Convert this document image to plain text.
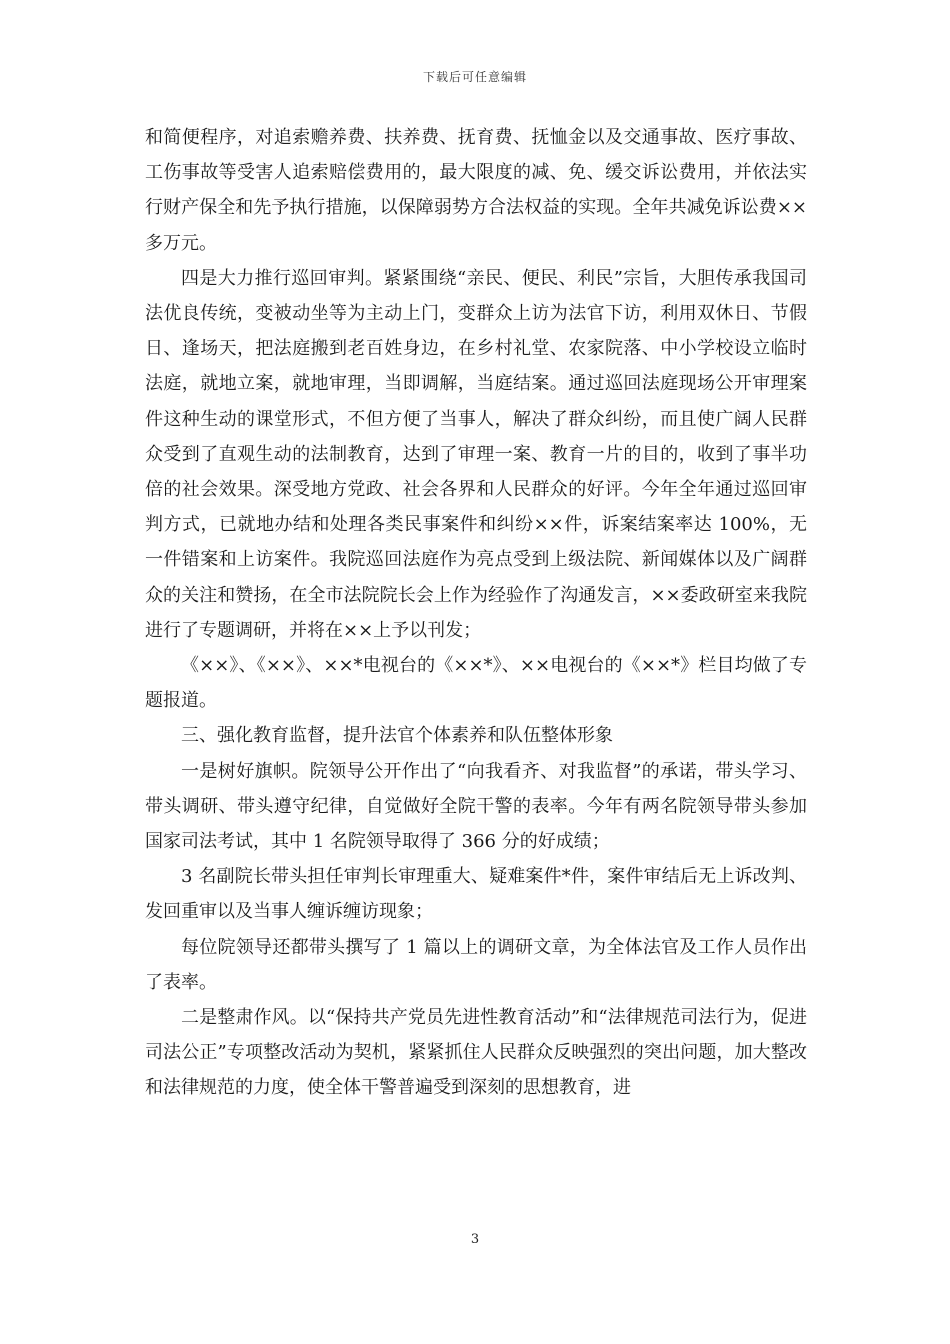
下载后可任意编辑

和简便程序，对追索赡养费、扶养费、抚育费、抚恤金以及交通事故、医疗事故、工伤事故等受害人追索赔偿费用的，最大限度的减、免、缓交诉讼费用，并依法实行财产保全和先予执行措施，以保障弱势方合法权益的实现。全年共减免诉讼费××多万元。

四是大力推行巡回审判。紧紧围绕“亲民、便民、利民”宗旨，大胆传承我国司法优良传统，变被动坐等为主动上门，变群众上访为法官下访，利用双休日、节假日、逢场天，把法庭搬到老百姓身边，在乡村礼堂、农家院落、中小学校设立临时法庭，就地立案，就地审理，当即调解，当庭结案。通过巡回法庭现场公开审理案件这种生动的课堂形式，不但方便了当事人，解决了群众纠纷，而且使广阔人民群众受到了直观生动的法制教育，达到了审理一案、教育一片的目的，收到了事半功倍的社会效果。深受地方党政、社会各界和人民群众的好评。今年全年通过巡回审判方式，已就地办结和处理各类民事案件和纠纷××件，诉案结案率达 100%，无一件错案和上访案件。我院巡回法庭作为亮点受到上级法院、新闻媒体以及广阔群众的关注和赞扬，在全市法院院长会上作为经验作了沟通发言，××委政研室来我院进行了专题调研，并将在××上予以刊发；

《××》、《××》、××*电视台的《××*》、××电视台的《××*》栏目均做了专题报道。

三、强化教育监督，提升法官个体素养和队伍整体形象

一是树好旗帜。院领导公开作出了“向我看齐、对我监督”的承诺，带头学习、带头调研、带头遵守纪律，自觉做好全院干警的表率。今年有两名院领导带头参加国家司法考试，其中 1 名院领导取得了 366 分的好成绩；

3 名副院长带头担任审判长审理重大、疑难案件*件，案件审结后无上诉改判、发回重审以及当事人缠诉缠访现象；

每位院领导还都带头撰写了 1 篇以上的调研文章，为全体法官及工作人员作出了表率。

二是整肃作风。以“保持共产党员先进性教育活动”和“法律规范司法行为，促进司法公正”专项整改活动为契机，紧紧抓住人民群众反映强烈的突出问题，加大整改和法律规范的力度，使全体干警普遍受到深刻的思想教育，进

3
